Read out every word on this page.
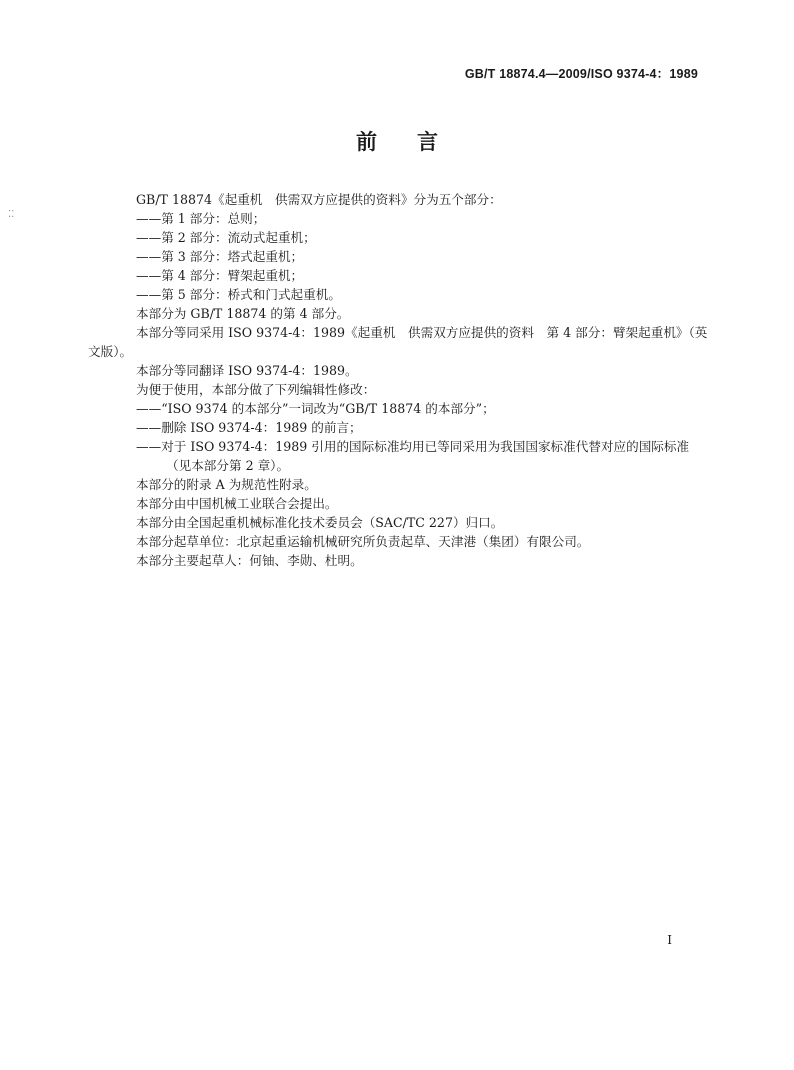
GB/T 18874.4—2009/ISO 9374-4：1989
前言
⁚⁚

GB/T 18874《起重机　供需双方应提供的资料》分为五个部分：

——第 1 部分：总则；

——第 2 部分：流动式起重机；

——第 3 部分：塔式起重机；

——第 4 部分：臂架起重机；

——第 5 部分：桥式和门式起重机。

本部分为 GB/T 18874 的第 4 部分。

本部分等同采用 ISO 9374-4：1989《起重机　供需双方应提供的资料　第 4 部分：臂架起重机》（英

文版）。

本部分等同翻译 ISO 9374-4：1989。

为便于使用，本部分做了下列编辑性修改：

——“ISO 9374 的本部分”一词改为“GB/T 18874 的本部分”；

——删除 ISO 9374-4：1989 的前言；

——对于 ISO 9374-4：1989 引用的国际标准均用已等同采用为我国国家标准代替对应的国际标准

（见本部分第 2 章）。

本部分的附录 A 为规范性附录。

本部分由中国机械工业联合会提出。

本部分由全国起重机械标准化技术委员会（SAC/TC 227）归口。

本部分起草单位：北京起重运输机械研究所负责起草、天津港（集团）有限公司。

本部分主要起草人：何铀、李勋、杜明。

I
